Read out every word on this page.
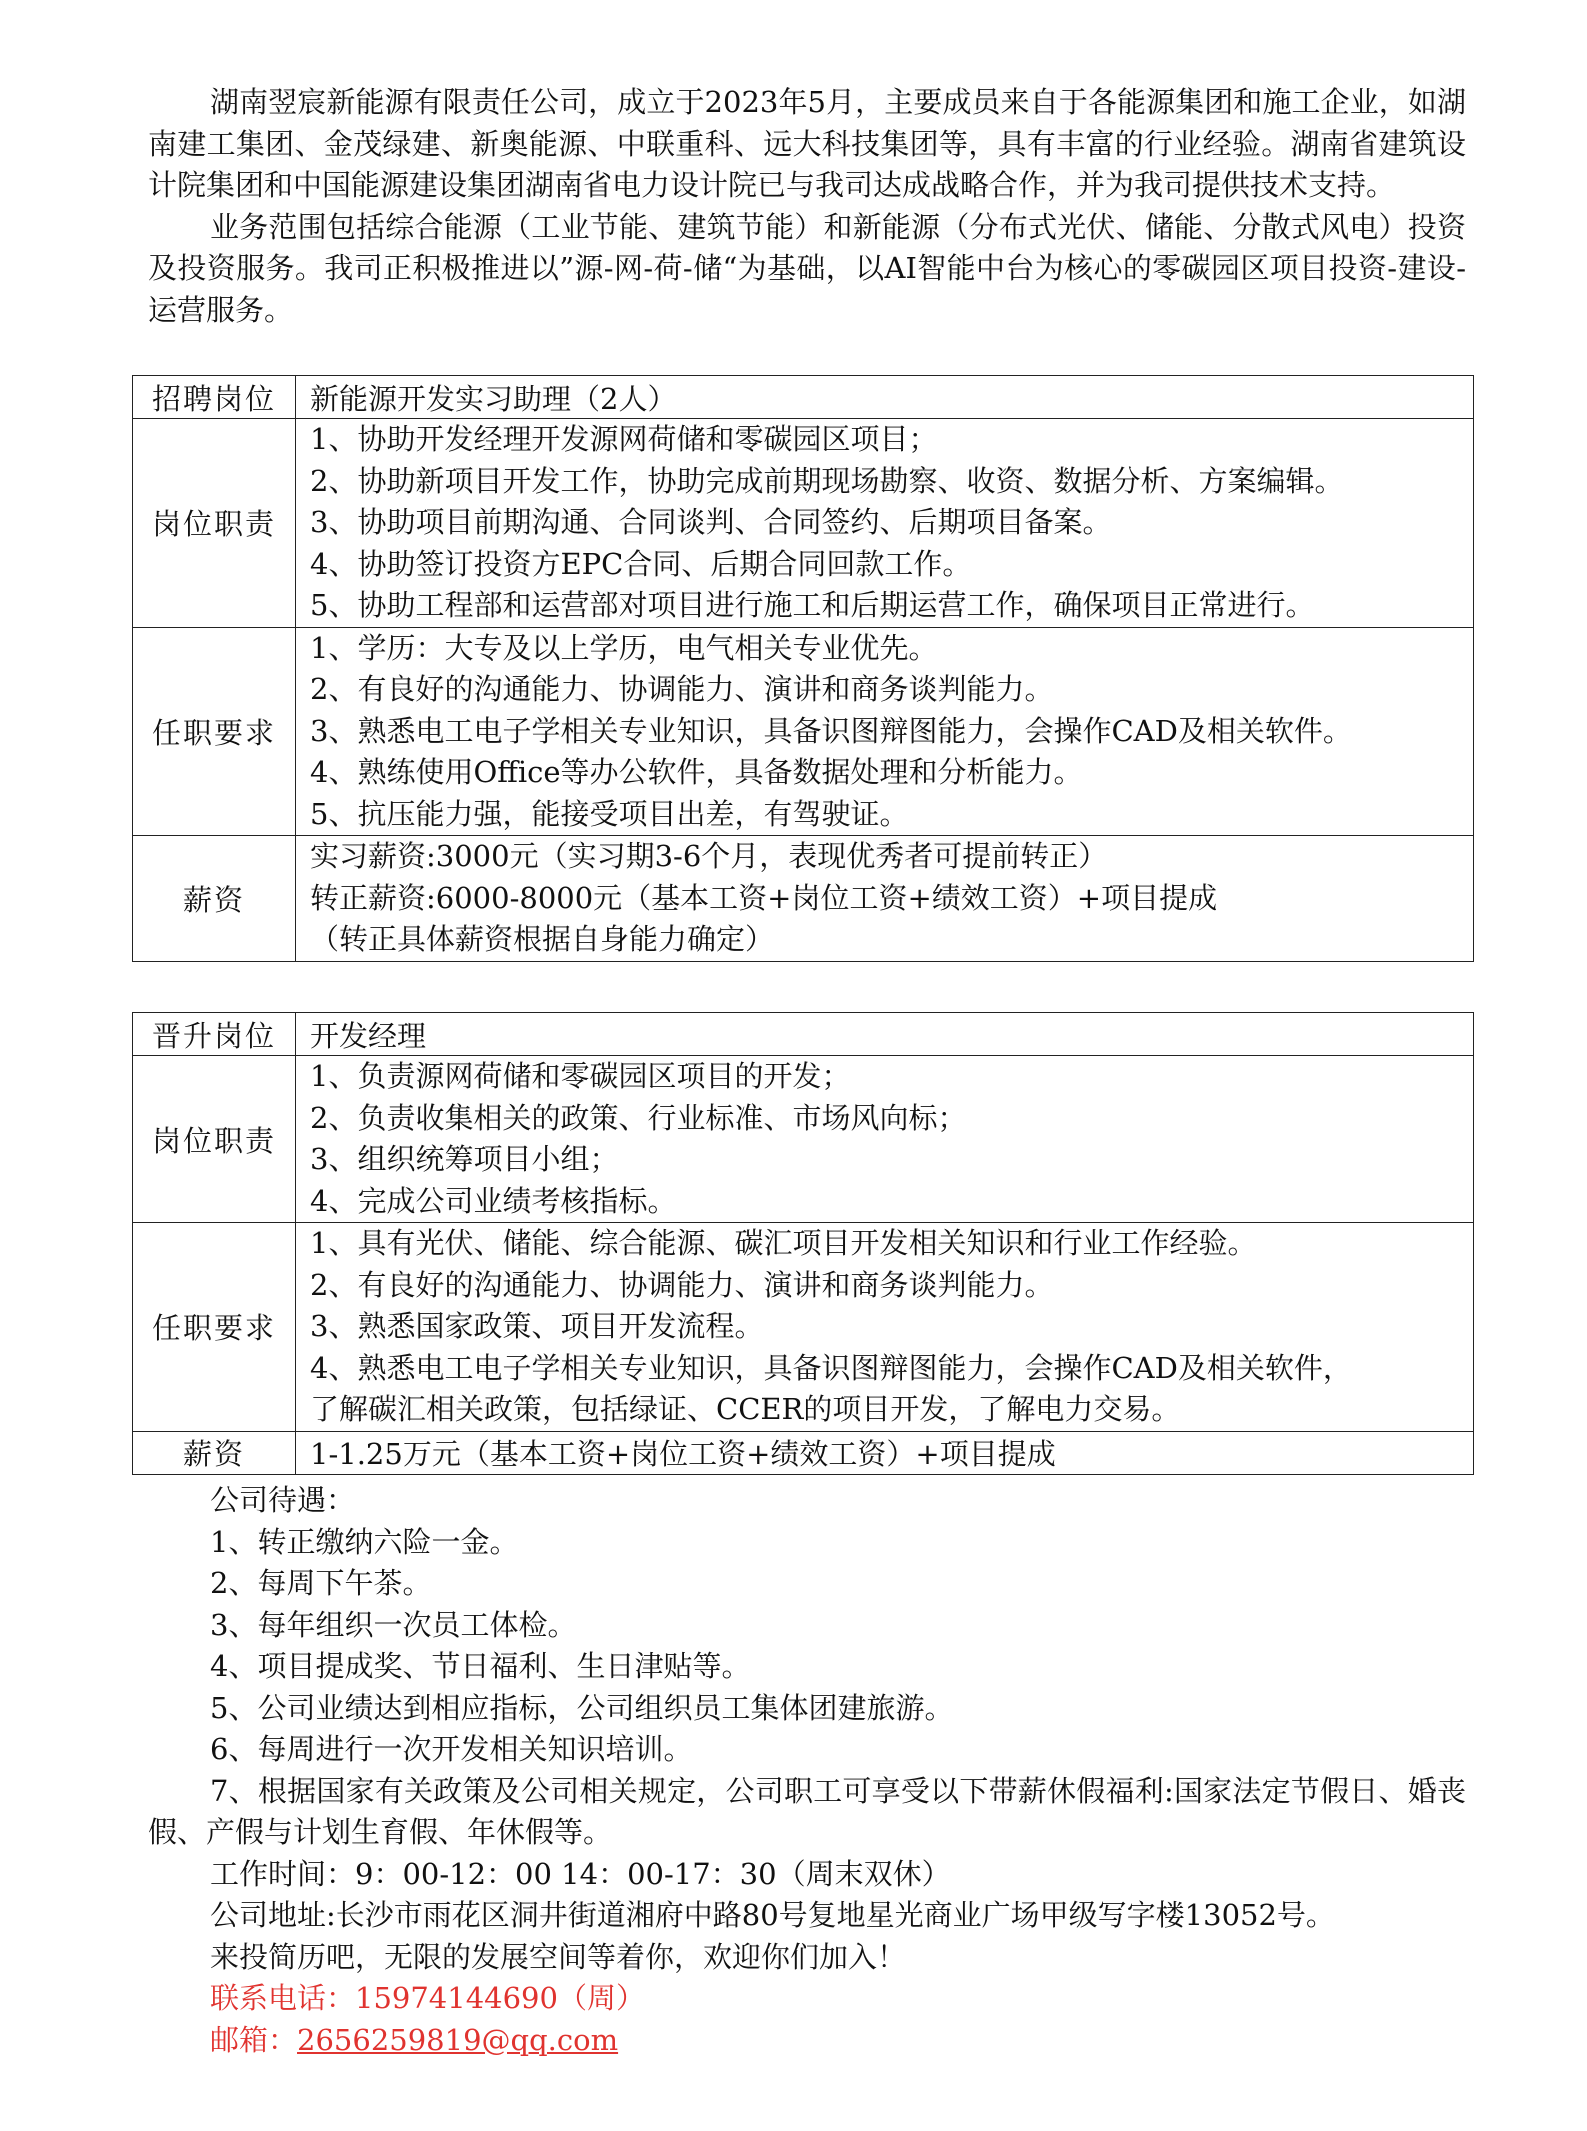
湖南翌宸新能源有限责任公司，成立于2023年5月，主要成员来自于各能源集团和施工企业，如湖南建工集团、金茂绿建、新奥能源、中联重科、远大科技集团等，具有丰富的行业经验。湖南省建筑设计院集团和中国能源建设集团湖南省电力设计院已与我司达成战略合作，并为我司提供技术支持。

业务范围包括综合能源（工业节能、建筑节能）和新能源（分布式光伏、储能、分散式风电）投资及投资服务。我司正积极推进以”源-网-荷-储“为基础，以AI智能中台为核心的零碳园区项目投资-建设-运营服务。

招聘岗位	新能源开发实习助理（2人）
岗位职责	1、协助开发经理开发源网荷储和零碳园区项目；
2、协助新项目开发工作，协助完成前期现场勘察、收资、数据分析、方案编辑。
3、协助项目前期沟通、合同谈判、合同签约、后期项目备案。
4、协助签订投资方EPC合同、后期合同回款工作。
5、协助工程部和运营部对项目进行施工和后期运营工作，确保项目正常进行。

任职要求	1、学历：大专及以上学历，电气相关专业优先。
2、有良好的沟通能力、协调能力、演讲和商务谈判能力。
3、熟悉电工电子学相关专业知识，具备识图辩图能力，会操作CAD及相关软件。
4、熟练使用Office等办公软件，具备数据处理和分析能力。
5、抗压能力强，能接受项目出差，有驾驶证。

薪资	实习薪资:3000元（实习期3-6个月，表现优秀者可提前转正）
转正薪资:6000-8000元（基本工资+岗位工资+绩效工资）+项目提成
（转正具体薪资根据自身能力确定）
晋升岗位	开发经理
岗位职责	1、负责源网荷储和零碳园区项目的开发；
2、负责收集相关的政策、行业标准、市场风向标；
3、组织统筹项目小组；
4、完成公司业绩考核指标。

任职要求	1、具有光伏、储能、综合能源、碳汇项目开发相关知识和行业工作经验。
2、有良好的沟通能力、协调能力、演讲和商务谈判能力。
3、熟悉国家政策、项目开发流程。
4、熟悉电工电子学相关专业知识，具备识图辩图能力，会操作CAD及相关软件，
了解碳汇相关政策，包括绿证、CCER的项目开发，了解电力交易。

薪资	1-1.25万元（基本工资+岗位工资+绩效工资）+项目提成
公司待遇：
1、转正缴纳六险一金。
2、每周下午茶。
3、每年组织一次员工体检。
4、项目提成奖、节日福利、生日津贴等。
5、公司业绩达到相应指标，公司组织员工集体团建旅游。
6、每周进行一次开发相关知识培训。
7、根据国家有关政策及公司相关规定，公司职工可享受以下带薪休假福利:国家法定节假日、婚丧假、产假与计划生育假、年休假等。
工作时间：9：00-12：00 14：00-17：30（周末双休）
公司地址:长沙市雨花区洞井街道湘府中路80号复地星光商业广场甲级写字楼13052号。
来投简历吧，无限的发展空间等着你，欢迎你们加入！
联系电话：15974144690（周）
邮箱：2656259819@qq.com
